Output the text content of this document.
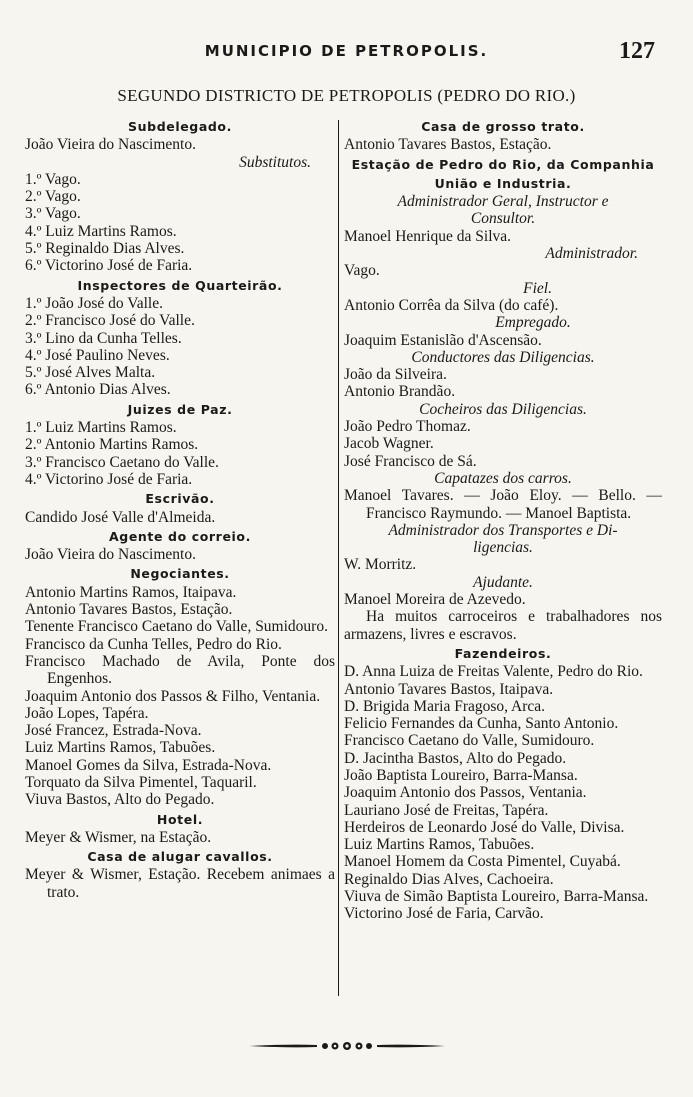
MUNICIPIO DE PETROPOLIS.	127
SEGUNDO DISTRICTO DE PETROPOLIS (PEDRO DO RIO.)
Subdelegado.
João Vieira do Nascimento.
Substitutos.
1.º Vago.
2.º Vago.
3.º Vago.
4.º Luiz Martins Ramos.
5.º Reginaldo Dias Alves.
6.º Victorino José de Faria.
Inspectores de Quarteirão.
1.º João José do Valle.
2.º Francisco José do Valle.
3.º Lino da Cunha Telles.
4.º José Paulino Neves.
5.º José Alves Malta.
6.º Antonio Dias Alves.
Juizes de Paz.
1.º Luiz Martins Ramos.
2.º Antonio Martins Ramos.
3.º Francisco Caetano do Valle.
4.º Victorino José de Faria.
Escrivão.
Candido José Valle d'Almeida.
Agente do correio.
João Vieira do Nascimento.
Negociantes.
Antonio Martins Ramos, Itaipava.
Antonio Tavares Bastos, Estação.
Tenente Francisco Caetano do Valle, Sumidouro.
Francisco da Cunha Telles, Pedro do Rio.
Francisco Machado de Avila, Ponte dos Engenhos.
Joaquim Antonio dos Passos & Filho, Ventania.
João Lopes, Tapéra.
José Francez, Estrada-Nova.
Luiz Martins Ramos, Tabuões.
Manoel Gomes da Silva, Estrada-Nova.
Torquato da Silva Pimentel, Taquaril.
Viuva Bastos, Alto do Pegado.
Hotel.
Meyer & Wismer, na Estação.
Casa de alugar cavallos.
Meyer & Wismer, Estação. Recebem animaes a trato.
Casa de grosso trato.
Antonio Tavares Bastos, Estação.
Estação de Pedro do Rio, da Companhia
União e Industria.
Administrador Geral, Instructor e
Consultor.
Manoel Henrique da Silva.
Administrador.
Vago.
Fiel.
Antonio Corrêa da Silva (do café).
Empregado.
Joaquim Estanislão d'Ascensão.
Conductores das Diligencias.
João da Silveira.
Antonio Brandão.
Cocheiros das Diligencias.
João Pedro Thomaz.
Jacob Wagner.
José Francisco de Sá.
Capatazes dos carros.
Manoel Tavares. — João Eloy. — Bello. — Francisco Raymundo. — Manoel Baptista.
Administrador dos Transportes e Di-
ligencias.
W. Morritz.
Ajudante.
Manoel Moreira de Azevedo.
Ha muitos carroceiros e trabalhadores nos armazens, livres e escravos.
Fazendeiros.
D. Anna Luiza de Freitas Valente, Pedro do Rio.
Antonio Tavares Bastos, Itaipava.
D. Brigida Maria Fragoso, Arca.
Felicio Fernandes da Cunha, Santo Antonio.
Francisco Caetano do Valle, Sumidouro.
D. Jacintha Bastos, Alto do Pegado.
João Baptista Loureiro, Barra-Mansa.
Joaquim Antonio dos Passos, Ventania.
Lauriano José de Freitas, Tapéra.
Herdeiros de Leonardo José do Valle, Divisa.
Luiz Martins Ramos, Tabuões.
Manoel Homem da Costa Pimentel, Cuyabá.
Reginaldo Dias Alves, Cachoeira.
Viuva de Simão Baptista Loureiro, Barra-Mansa.
Victorino José de Faria, Carvão.
